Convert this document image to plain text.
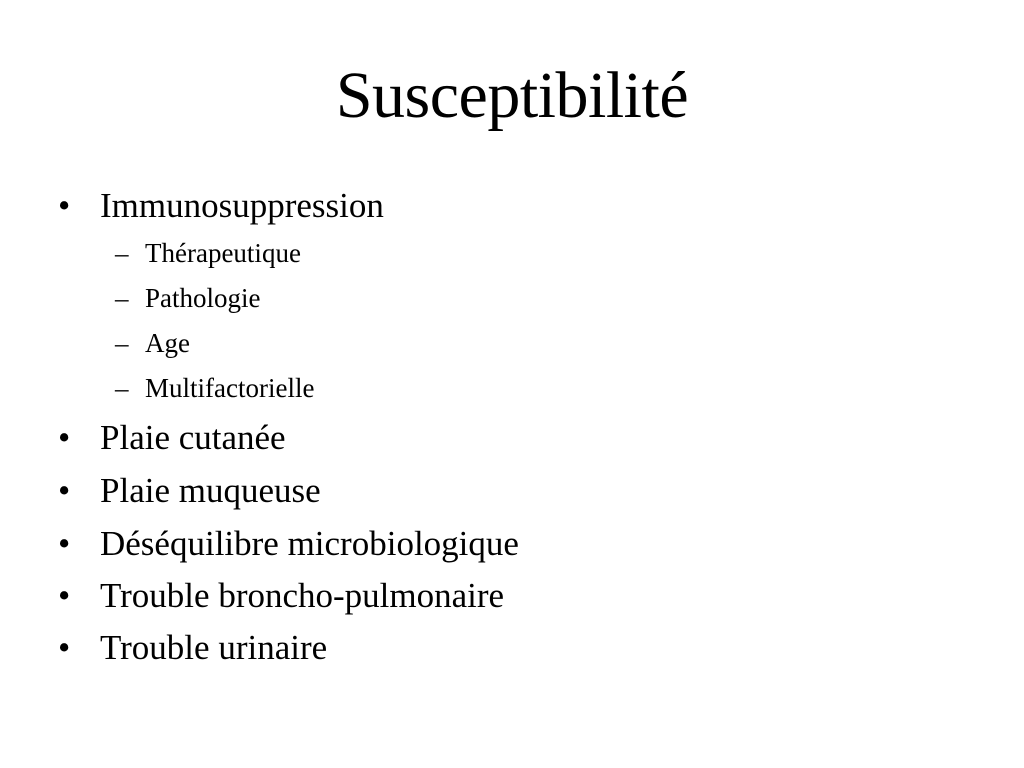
Susceptibilité
• Immunosuppression
– Thérapeutique
– Pathologie
– Age
– Multifactorielle
• Plaie cutanée
• Plaie muqueuse
• Déséquilibre microbiologique
• Trouble broncho-pulmonaire
• Trouble urinaire
